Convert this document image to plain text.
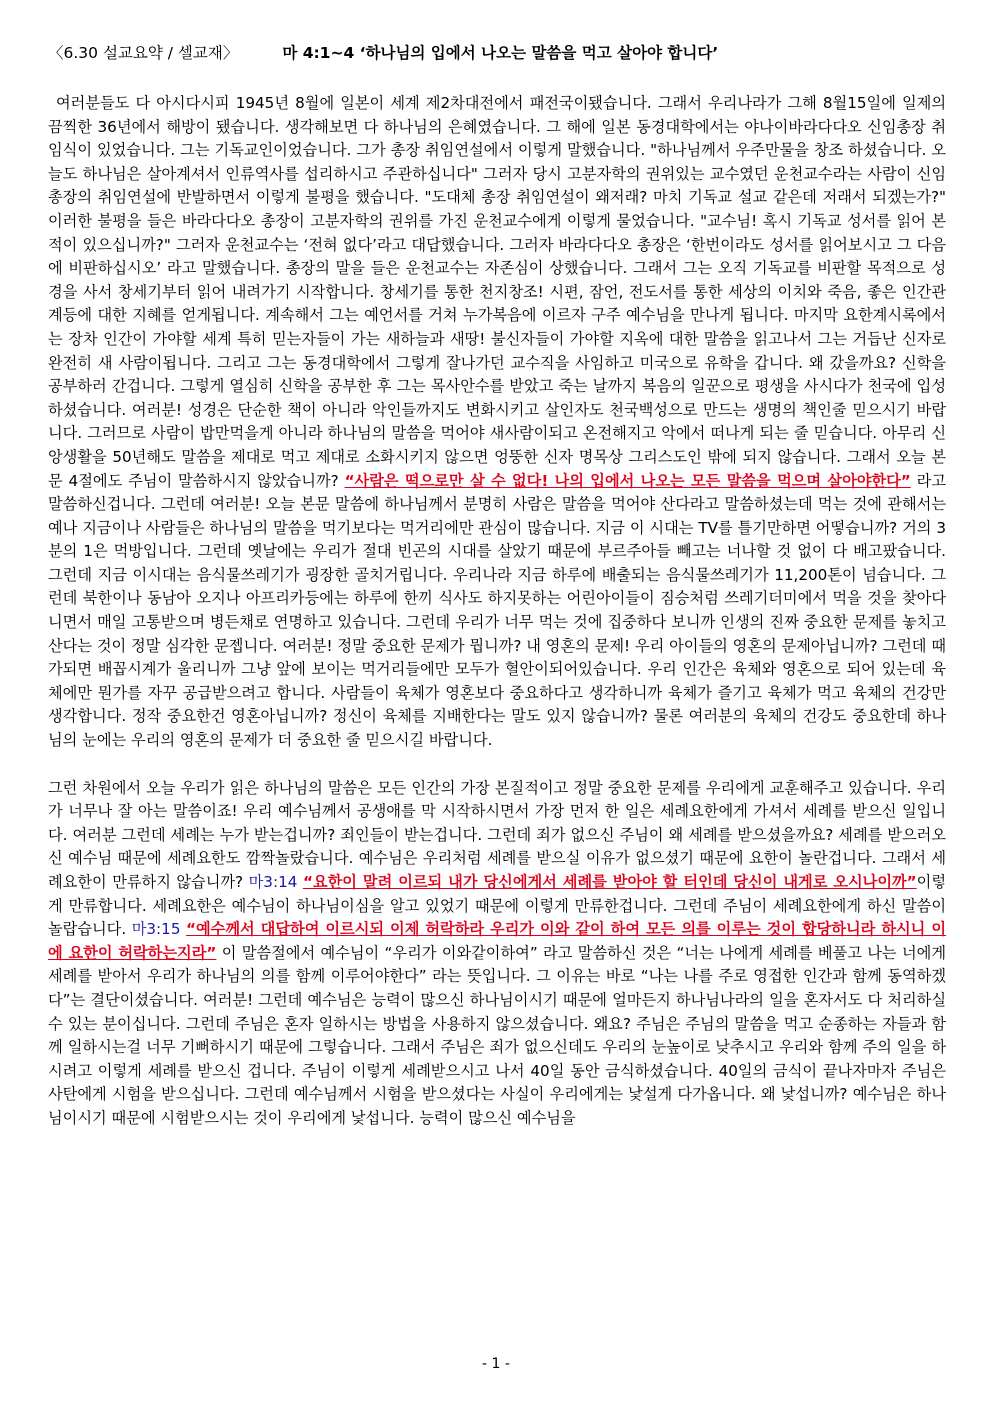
〈6.30 설교요약 / 셀교재〉	마 4:1~4 ‘하나님의 입에서 나오는 말씀을 먹고 살아야 합니다’

여러분들도 다 아시다시피 1945년 8월에 일본이 세계 제2차대전에서 패전국이됐습니다. 그래서 우리나라가 그해 8월15일에 일제의 끔찍한 36년에서 해방이 됐습니다. 생각해보면 다 하나님의 은혜였습니다. 그 해에 일본 동경대학에서는 야나이바라다다오 신임총장 취임식이 있었습니다. 그는 기독교인이었습니다. 그가 총장 취임연설에서 이렇게 말했습니다. "하나님께서 우주만물을 창조 하셨습니다. 오늘도 하나님은 살아계셔서 인류역사를 섭리하시고 주관하십니다" 그러자 당시 고분자학의 권위있는 교수였던 운천교수라는 사람이 신임총장의 취임연설에 반발하면서 이렇게 불평을 했습니다. "도대체 총장 취임연설이 왜저래? 마치 기독교 설교 같은데 저래서 되겠는가?" 이러한 불평을 들은 바라다다오 총장이 고분자학의 권위를 가진 운천교수에게 이렇게 물었습니다. "교수님! 혹시 기독교 성서를 읽어 본 적이 있으십니까?" 그러자 운천교수는 ‘전혀 없다’라고 대답했습니다. 그러자 바라다다오 총장은 ‘한번이라도 성서를 읽어보시고 그 다음에 비판하십시오’ 라고 말했습니다. 총장의 말을 들은 운천교수는 자존심이 상했습니다. 그래서 그는 오직 기독교를 비판할 목적으로 성경을 사서 창세기부터 읽어 내려가기 시작합니다. 창세기를 통한 천지창조! 시편, 잠언, 전도서를 통한 세상의 이치와 죽음, 좋은 인간관계등에 대한 지혜를 얻게됩니다. 계속해서 그는 예언서를 거쳐 누가복음에 이르자 구주 예수님을 만나게 됩니다. 마지막 요한계시록에서는 장차 인간이 가야할 세계 특히 믿는자들이 가는 새하늘과 새땅! 불신자들이 가야할 지옥에 대한 말씀을 읽고나서 그는 거듭난 신자로 완전히 새 사람이됩니다. 그리고 그는 동경대학에서 그렇게 잘나가던 교수직을 사임하고 미국으로 유학을 갑니다. 왜 갔을까요? 신학을 공부하러 간겁니다. 그렇게 열심히 신학을 공부한 후 그는 목사안수를 받았고 죽는 날까지 복음의 일꾼으로 평생을 사시다가 천국에 입성하셨습니다. 여러분! 성경은 단순한 책이 아니라 악인들까지도 변화시키고 살인자도 천국백성으로 만드는 생명의 책인줄 믿으시기 바랍니다. 그러므로 사람이 밥만먹을게 아니라 하나님의 말씀을 먹어야 새사람이되고 온전해지고 악에서 떠나게 되는 줄 믿습니다. 아무리 신앙생활을 50년해도 말씀을 제대로 먹고 제대로 소화시키지 않으면 엉뚱한 신자 명목상 그리스도인 밖에 되지 않습니다. 그래서 오늘 본문 4절에도 주님이 말씀하시지 않았습니까? “사람은 떡으로만 살 수 없다! 나의 입에서 나오는 모든 말씀을 먹으며 살아야한다” 라고 말씀하신겁니다. 그런데 여러분! 오늘 본문 말씀에 하나님께서 분명히 사람은 말씀을 먹어야 산다라고 말씀하셨는데 먹는 것에 관해서는 예나 지금이나 사람들은 하나님의 말씀을 먹기보다는 먹거리에만 관심이 많습니다. 지금 이 시대는 TV를 틀기만하면 어떻습니까? 거의 3분의 1은 먹방입니다. 그런데 옛날에는 우리가 절대 빈곤의 시대를 살았기 때문에 부르주아들 빼고는 너나할 것 없이 다 배고팠습니다. 그런데 지금 이시대는 음식물쓰레기가 굉장한 골치거립니다. 우리나라 지금 하루에 배출되는 음식물쓰레기가 11,200톤이 넘습니다. 그런데 북한이나 동남아 오지나 아프리카등에는 하루에 한끼 식사도 하지못하는 어린아이들이 짐승처럼 쓰레기더미에서 먹을 것을 찾아다니면서 매일 고통받으며 병든채로 연명하고 있습니다. 그런데 우리가 너무 먹는 것에 집중하다 보니까 인생의 진짜 중요한 문제를 놓치고 산다는 것이 정말 심각한 문젭니다. 여러분! 정말 중요한 문제가 뭡니까? 내 영혼의 문제! 우리 아이들의 영혼의 문제아닙니까? 그런데 때가되면 배꼽시계가 울리니까 그냥 앞에 보이는 먹거리들에만 모두가 혈안이되어있습니다. 우리 인간은 육체와 영혼으로 되어 있는데 육체에만 뭔가를 자꾸 공급받으려고 합니다. 사람들이 육체가 영혼보다 중요하다고 생각하니까 육체가 즐기고 육체가 먹고 육체의 건강만 생각합니다. 정작 중요한건 영혼아닙니까? 정신이 육체를 지배한다는 말도 있지 않습니까? 물론 여러분의 육체의 건강도 중요한데 하나님의 눈에는 우리의 영혼의 문제가 더 중요한 줄 믿으시길 바랍니다.

그런 차원에서 오늘 우리가 읽은 하나님의 말씀은 모든 인간의 가장 본질적이고 정말 중요한 문제를 우리에게 교훈해주고 있습니다. 우리가 너무나 잘 아는 말씀이죠! 우리 예수님께서 공생애를 막 시작하시면서 가장 먼저 한 일은 세례요한에게 가셔서 세례를 받으신 일입니다. 여러분 그런데 세례는 누가 받는겁니까? 죄인들이 받는겁니다. 그런데 죄가 없으신 주님이 왜 세례를 받으셨을까요? 세례를 받으러오신 예수님 때문에 세례요한도 깜짝놀랐습니다. 예수님은 우리처럼 세례를 받으실 이유가 없으셨기 때문에 요한이 놀란겁니다. 그래서 세례요한이 만류하지 않습니까? 마3:14 “요한이 말려 이르되 내가 당신에게서 세례를 받아야 할 터인데 당신이 내게로 오시나이까”이렇게 만류합니다. 세례요한은 예수님이 하나님이심을 알고 있었기 때문에 이렇게 만류한겁니다. 그런데 주님이 세례요한에게 하신 말씀이 놀랍습니다. 마3:15 “예수께서 대답하여 이르시되 이제 허락하라 우리가 이와 같이 하여 모든 의를 이루는 것이 합당하니라 하시니 이에 요한이 허락하는지라” 이 말씀절에서 예수님이 “우리가 이와같이하여” 라고 말씀하신 것은 “너는 나에게 세례를 베풀고 나는 너에게 세례를 받아서 우리가 하나님의 의를 함께 이루어야한다” 라는 뜻입니다. 그 이유는 바로 “나는 나를 주로 영접한 인간과 함께 동역하겠다”는 결단이셨습니다. 여러분! 그런데 예수님은 능력이 많으신 하나님이시기 때문에 얼마든지 하나님나라의 일을 혼자서도 다 처리하실수 있는 분이십니다. 그런데 주님은 혼자 일하시는 방법을 사용하지 않으셨습니다. 왜요? 주님은 주님의 말씀을 먹고 순종하는 자들과 함께 일하시는걸 너무 기뻐하시기 때문에 그렇습니다. 그래서 주님은 죄가 없으신데도 우리의 눈높이로 낮추시고 우리와 함께 주의 일을 하시려고 이렇게 세례를 받으신 겁니다. 주님이 이렇게 세례받으시고 나서 40일 동안 금식하셨습니다. 40일의 금식이 끝나자마자 주님은 사탄에게 시험을 받으십니다. 그런데 예수님께서 시험을 받으셨다는 사실이 우리에게는 낯설게 다가옵니다. 왜 낯섭니까? 예수님은 하나님이시기 때문에 시험받으시는 것이 우리에게 낯섭니다. 능력이 많으신 예수님을

- 1 -
